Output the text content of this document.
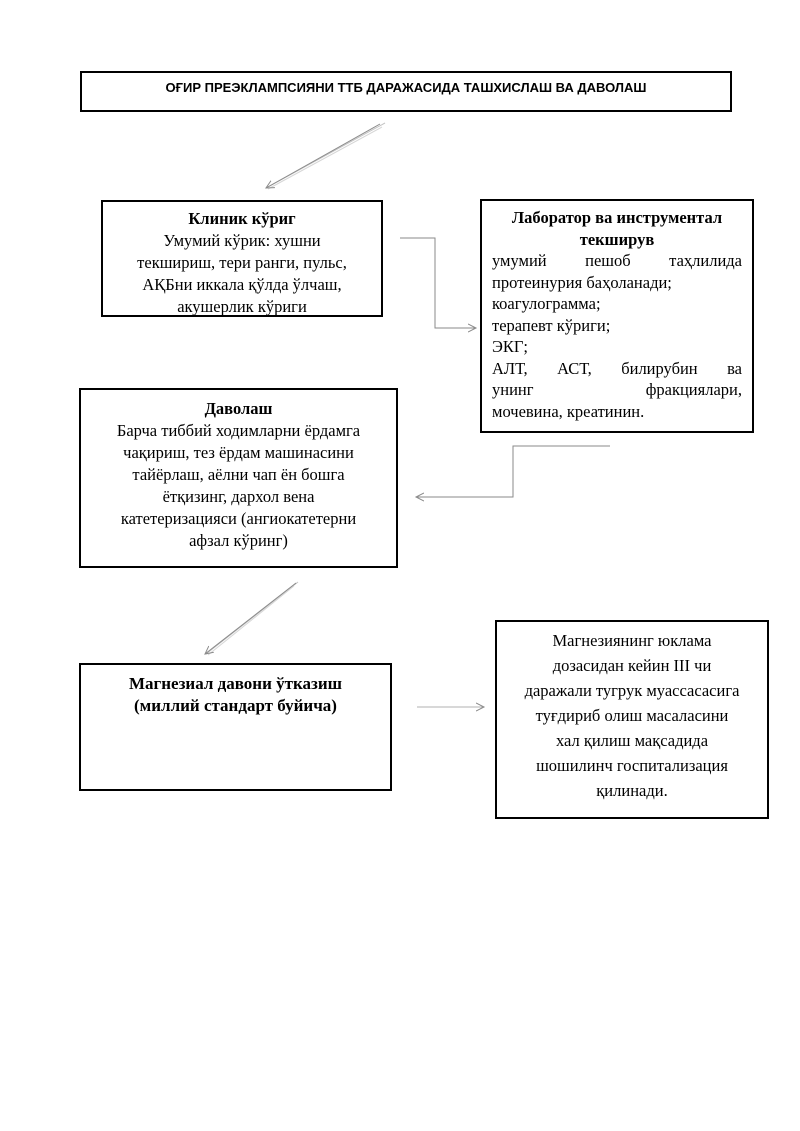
ОҒИР ПРЕЭКЛАМПСИЯНИ ТТБ ДАРАЖАСИДА ТАШХИСЛАШ ВА ДАВОЛАШ
Клиник кўриг
Умумий кўрик: хушни
текшириш, тери ранги, пульс,
АҚБни иккала қўлда ўлчаш,
акушерлик кўриги
Лаборатор ва инструментал
текширув
умумий пешоб таҳлилида
протеинурия баҳоланади;
коагулограмма;
терапевт кўриги;
ЭКГ;
АЛТ, АСТ, билирубин ва
унинг фракциялари,
мочевина, креатинин.
Даволаш
Барча тиббий ходимларни ёрдамга
чақириш, тез ёрдам машинасини
тайёрлаш, аёлни чап ён бошга
ётқизинг, дархол вена
катетеризацияси (ангиокатетерни
афзал кўринг)
Магнезиал давони ўтказиш
(миллий стандарт буйича)
Магнезиянинг юклама
дозасидан кейин III чи
даражали тугрук муассасасига
туғдириб олиш масаласини
хал қилиш мақсадида
шошилинч госпитализация
қилинади.
